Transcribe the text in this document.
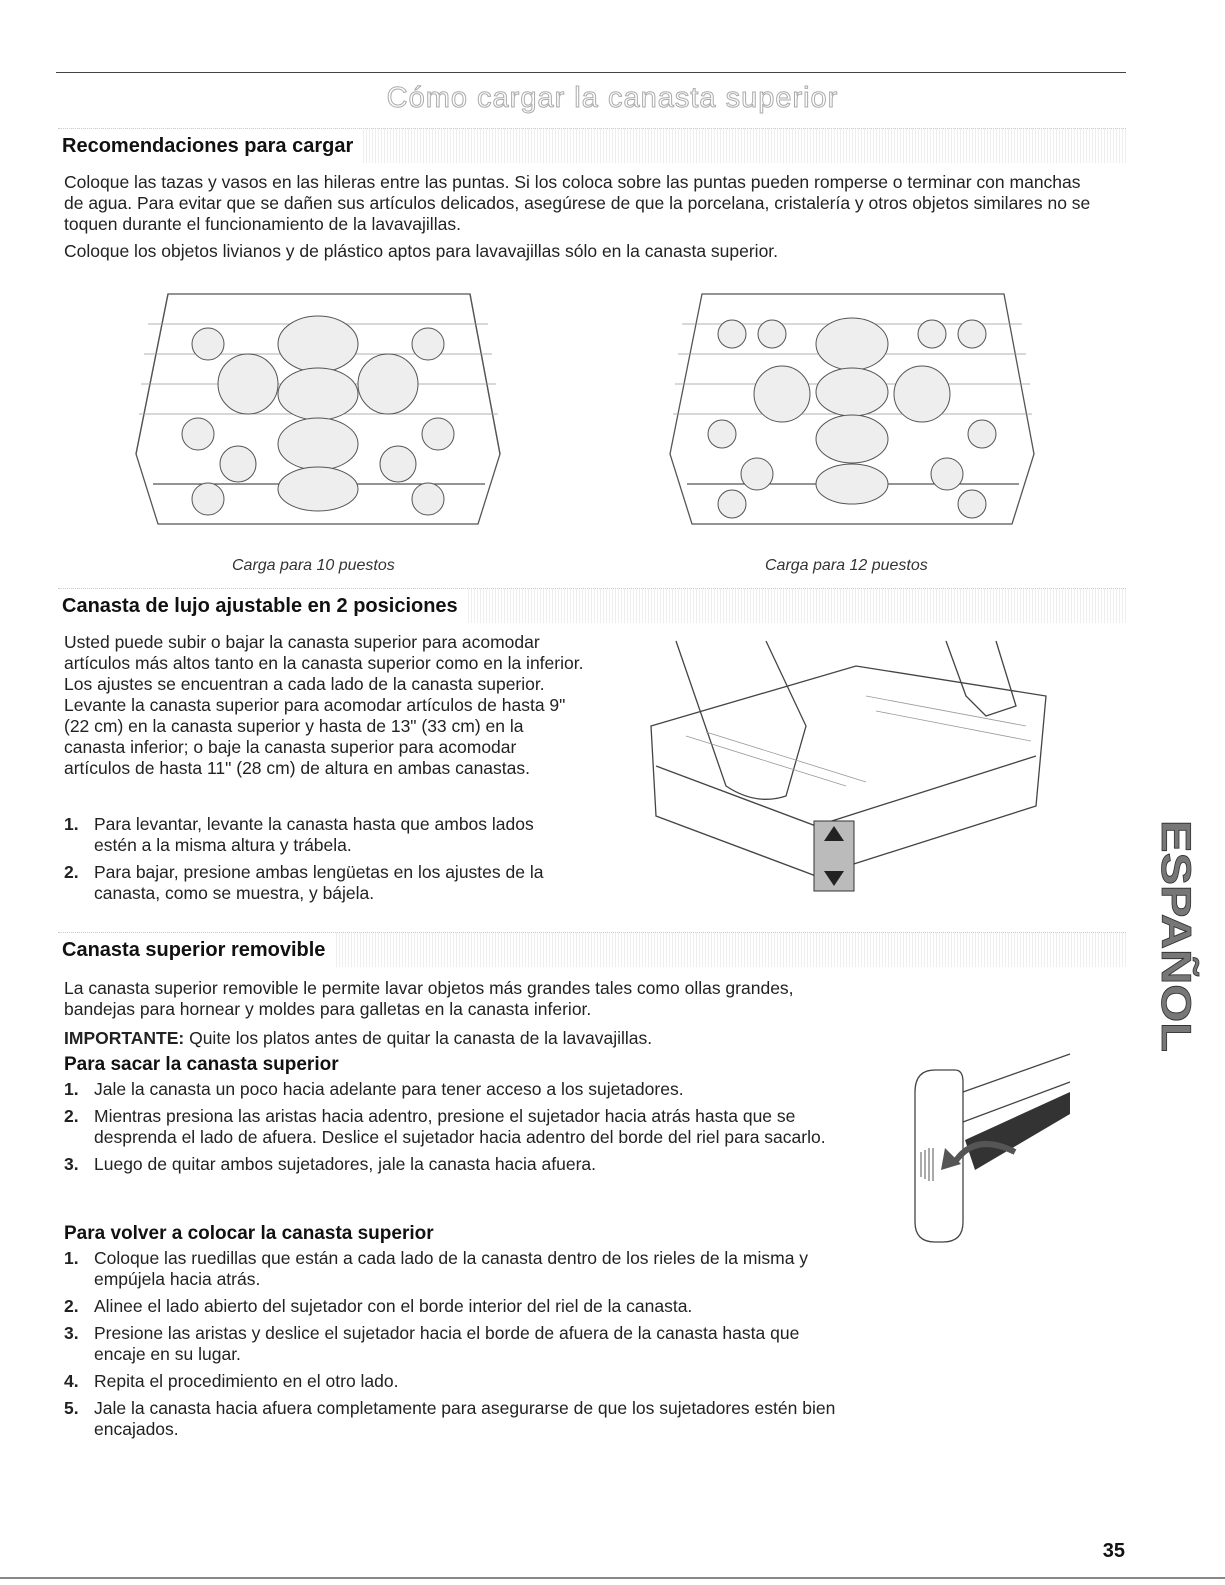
Cómo cargar la canasta superior
Recomendaciones para cargar

Coloque las tazas y vasos en las hileras entre las puntas. Si los coloca sobre las puntas pueden romperse o terminar con manchas de agua. Para evitar que se dañen sus artículos delicados, asegúrese de que la porcelana, cristalería y otros objetos similares no se toquen durante el funcionamiento de la lavavajillas.

Coloque los objetos livianos y de plástico aptos para lavavajillas sólo en la canasta superior.

Carga para 10 puestos	Carga para 12 puestos
Canasta de lujo ajustable en 2 posiciones

Usted puede subir o bajar la canasta superior para acomodar artículos más altos tanto en la canasta superior como en la inferior. Los ajustes se encuentran a cada lado de la canasta superior. Levante la canasta superior para acomodar artículos de hasta 9" (22 cm) en la canasta superior y hasta de 13" (33 cm) en la canasta inferior; o baje la canasta superior para acomodar artículos de hasta 11" (28 cm) de altura en ambas canastas.

1. Para levantar, levante la canasta hasta que ambos lados estén a la misma altura y trábela.
2. Para bajar, presione ambas lengüetas en los ajustes de la canasta, como se muestra, y bájela.
Canasta superior removible

La canasta superior removible le permite lavar objetos más grandes tales como ollas grandes, bandejas para hornear y moldes para galletas en la canasta inferior.

IMPORTANTE: Quite los platos antes de quitar la canasta de la lavavajillas.

Para sacar la canasta superior

1. Jale la canasta un poco hacia adelante para tener acceso a los sujetadores.
2. Mientras presiona las aristas hacia adentro, presione el sujetador hacia atrás hasta que se desprenda el lado de afuera. Deslice el sujetador hacia adentro del borde del riel para sacarlo.
3. Luego de quitar ambos sujetadores, jale la canasta hacia afuera.

Para volver a colocar la canasta superior

1. Coloque las ruedillas que están a cada lado de la canasta dentro de los rieles de la misma y empújela hacia atrás.
2. Alinee el lado abierto del sujetador con el borde interior del riel de la canasta.
3. Presione las aristas y deslice el sujetador hacia el borde de afuera de la canasta hasta que encaje en su lugar.
4. Repita el procedimiento en el otro lado.
5. Jale la canasta hacia afuera completamente para asegurarse de que los sujetadores estén bien encajados.
ESPAÑOL
35
